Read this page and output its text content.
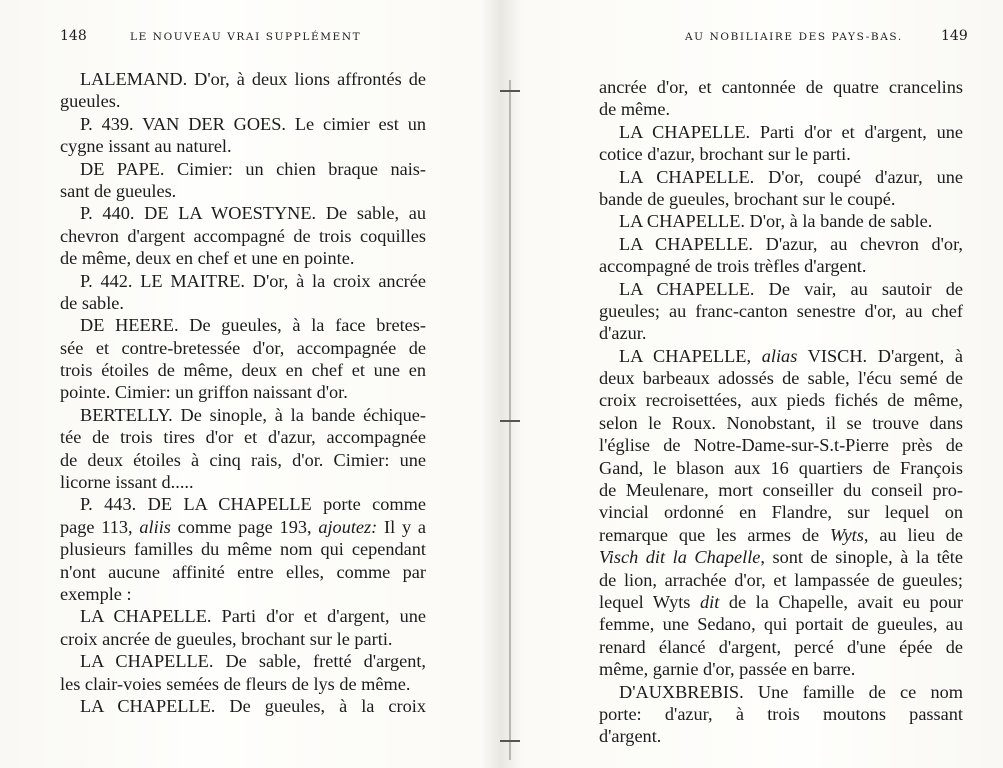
148	LE NOUVEAU VRAI SUPPLÉMENT
LALEMAND. D'or, à deux lions affrontés de
gueules.
P. 439. VAN DER GOES. Le cimier est un
cygne issant au naturel.
DE PAPE. Cimier: un chien braque nais-
sant de gueules.
P. 440. DE LA WOESTYNE. De sable, au
chevron d'argent accompagné de trois coquilles
de même, deux en chef et une en pointe.
P. 442. LE MAITRE. D'or, à la croix ancrée
de sable.
DE HEERE. De gueules, à la face bretes-
sée et contre-bretessée d'or, accompagnée de
trois étoiles de même, deux en chef et une en
pointe. Cimier: un griffon naissant d'or.
BERTELLY. De sinople, à la bande échique-
tée de trois tires d'or et d'azur, accompagnée
de deux étoiles à cinq rais, d'or. Cimier: une
licorne issant d.....
P. 443. DE LA CHAPELLE porte comme
page 113, aliis comme page 193, ajoutez: Il y a
plusieurs familles du même nom qui cependant
n'ont aucune affinité entre elles, comme par
exemple :
LA CHAPELLE. Parti d'or et d'argent, une
croix ancrée de gueules, brochant sur le parti.
LA CHAPELLE. De sable, fretté d'argent,
les clair-voies semées de fleurs de lys de même.
LA CHAPELLE. De gueules, à la croix
AU NOBILIAIRE DES PAYS-BAS.	149
ancrée d'or, et cantonnée de quatre crancelins
de même.
LA CHAPELLE. Parti d'or et d'argent, une
cotice d'azur, brochant sur le parti.
LA CHAPELLE. D'or, coupé d'azur, une
bande de gueules, brochant sur le coupé.
LA CHAPELLE. D'or, à la bande de sable.
LA CHAPELLE. D'azur, au chevron d'or,
accompagné de trois trèfles d'argent.
LA CHAPELLE. De vair, au sautoir de
gueules; au franc-canton senestre d'or, au chef
d'azur.
LA CHAPELLE, alias VISCH. D'argent, à
deux barbeaux adossés de sable, l'écu semé de
croix recroisettées, aux pieds fichés de même,
selon le Roux. Nonobstant, il se trouve dans
l'église de Notre-Dame-sur-S.t-Pierre près de
Gand, le blason aux 16 quartiers de François
de Meulenare, mort conseiller du conseil pro-
vincial ordonné en Flandre, sur lequel on
remarque que les armes de Wyts, au lieu de
Visch dit la Chapelle, sont de sinople, à la tête
de lion, arrachée d'or, et lampassée de gueules;
lequel Wyts dit de la Chapelle, avait eu pour
femme, une Sedano, qui portait de gueules, au
renard élancé d'argent, percé d'une épée de
même, garnie d'or, passée en barre.
D'AUXBREBIS. Une famille de ce nom
porte: d'azur, à trois moutons passant
d'argent.
